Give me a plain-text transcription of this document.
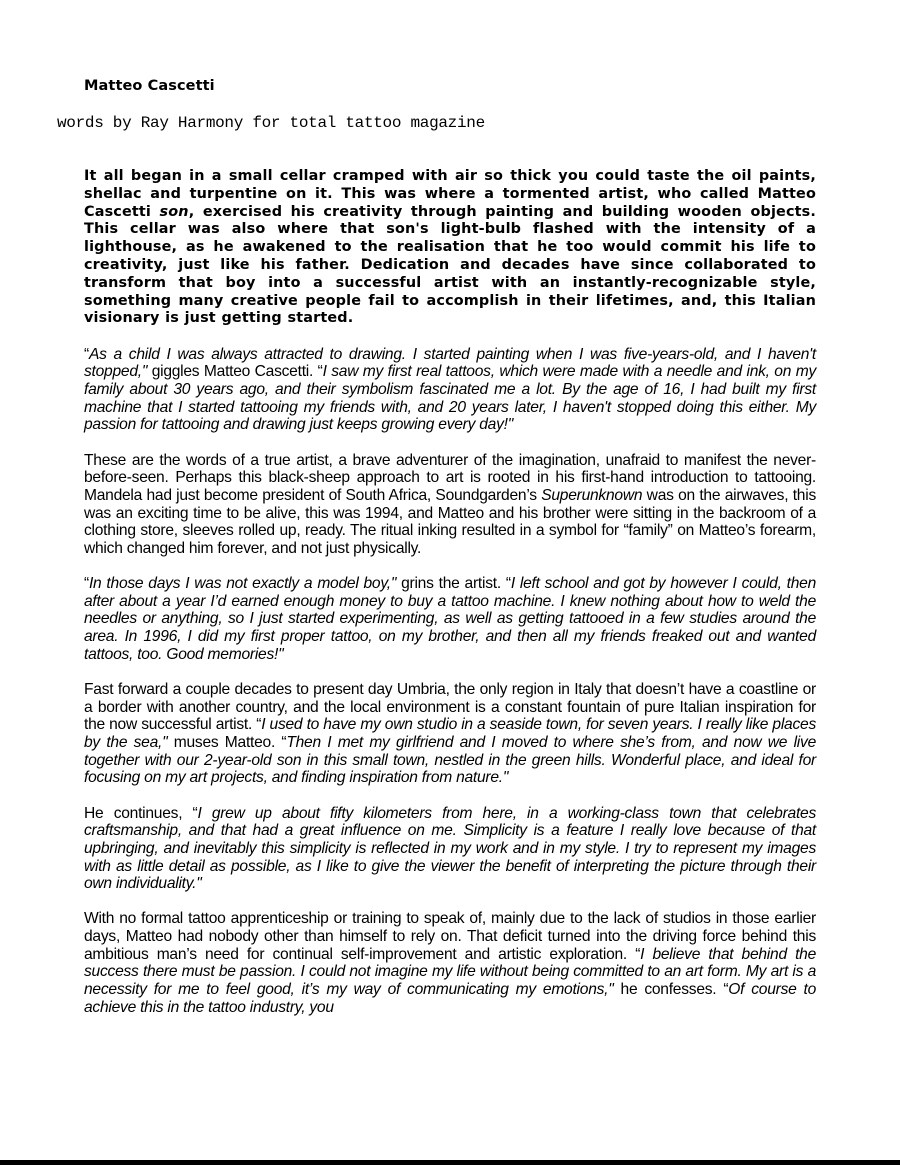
Matteo Cascetti

words by Ray Harmony for total tattoo magazine

It all began in a small cellar cramped with air so thick you could taste the oil paints, shellac and turpentine on it. This was where a tormented artist, who called Matteo Cascetti son, exercised his creativity through painting and building wooden objects. This cellar was also where that son's light-bulb flashed with the intensity of a lighthouse, as he awakened to the realisation that he too would commit his life to creativity, just like his father. Dedication and decades have since collaborated to transform that boy into a successful artist with an instantly-recognizable style, something many creative people fail to accomplish in their lifetimes, and, this Italian visionary is just getting started.

“As a child I was always attracted to drawing. I started painting when I was five-years-old, and I haven't stopped," giggles Matteo Cascetti. “I saw my first real tattoos, which were made with a needle and ink, on my family about 30 years ago, and their symbolism fascinated me a lot. By the age of 16, I had built my first machine that I started tattooing my friends with, and 20 years later, I haven't stopped doing this either. My passion for tattooing and drawing just keeps growing every day!"

These are the words of a true artist, a brave adventurer of the imagination, unafraid to manifest the never-before-seen. Perhaps this black-sheep approach to art is rooted in his first-hand introduction to tattooing. Mandela had just become president of South Africa, Soundgarden’s Superunknown was on the airwaves, this was an exciting time to be alive, this was 1994, and Matteo and his brother were sitting in the backroom of a clothing store, sleeves rolled up, ready. The ritual inking resulted in a symbol for “family” on Matteo’s forearm, which changed him forever, and not just physically.

“In those days I was not exactly a model boy," grins the artist. “I left school and got by however I could, then after about a year I’d earned enough money to buy a tattoo machine. I knew nothing about how to weld the needles or anything, so I just started experimenting, as well as getting tattooed in a few studies around the area. In 1996, I did my first proper tattoo, on my brother, and then all my friends freaked out and wanted tattoos, too. Good memories!"

Fast forward a couple decades to present day Umbria, the only region in Italy that doesn’t have a coastline or a border with another country, and the local environment is a constant fountain of pure Italian inspiration for the now successful artist. “I used to have my own studio in a seaside town, for seven years. I really like places by the sea," muses Matteo. “Then I met my girlfriend and I moved to where she’s from, and now we live together with our 2-year-old son in this small town, nestled in the green hills. Wonderful place, and ideal for focusing on my art projects, and finding inspiration from nature."

He continues, “I grew up about fifty kilometers from here, in a working-class town that celebrates craftsmanship, and that had a great influence on me. Simplicity is a feature I really love because of that upbringing, and inevitably this simplicity is reflected in my work and in my style. I try to represent my images with as little detail as possible, as I like to give the viewer the benefit of interpreting the picture through their own individuality."

With no formal tattoo apprenticeship or training to speak of, mainly due to the lack of studios in those earlier days, Matteo had nobody other than himself to rely on. That deficit turned into the driving force behind this ambitious man’s need for continual self-improvement and artistic exploration. “I believe that behind the success there must be passion. I could not imagine my life without being committed to an art form. My art is a necessity for me to feel good, it’s my way of communicating my emotions," he confesses. “Of course to achieve this in the tattoo industry, you
